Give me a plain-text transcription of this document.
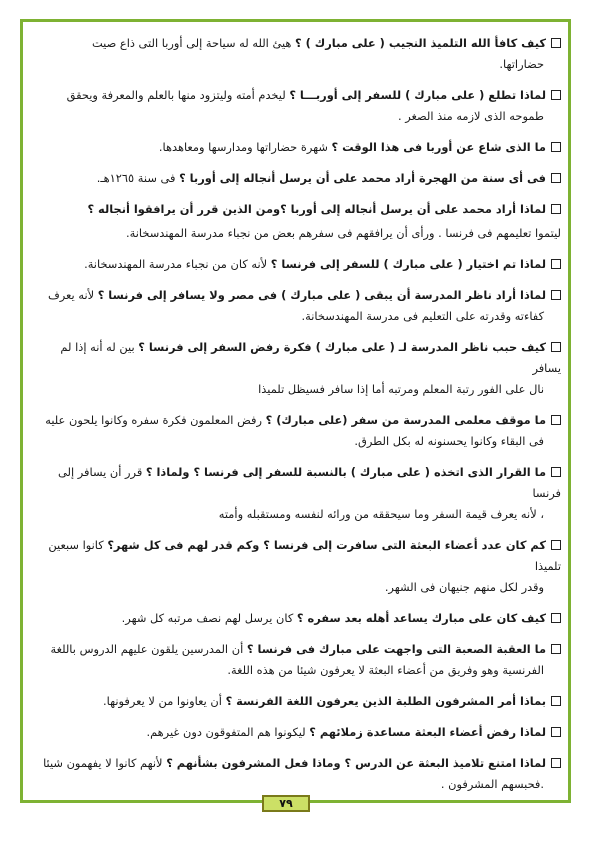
كيف كافأ الله التلميذ النجيب ( على مبارك ) ؟ هيئ الله له سياحة إلى أوربا التى ذاع صيت
حضاراتها.
لماذا تطلع ( على مبارك ) للسفر إلى أوربـــا ؟ ليخدم أمته وليتزود منها بالعلم والمعرفة ويحقق
طموحه الذى لازمه منذ الصغر .
ما الذى شاع عن أوربا فى هذا الوقت ؟ شهرة حضاراتها ومدارسها ومعاهدها.
فى أى سنة من الهجرة أراد محمد على أن يرسل أنجاله إلى أوربا ؟ فى سنة ١٢٦٥هـ.
لماذا أراد محمد على أن يرسل أنجاله إلى أوربا ؟ومن الذين قرر أن يرافقوا أنجاله ؟
ليتموا تعليمهم فى فرنسا . ورأى أن يرافقهم فى سفرهم بعض من نجباء مدرسة المهندسخانة.
لماذا تم اختيار ( على مبارك ) للسفر إلى فرنسا ؟ لأنه كان من نجباء مدرسة المهندسخانة.
لماذا أراد ناظر المدرسة أن يبقى ( على مبارك ) فى مصر ولا يسافر إلى فرنسا ؟ لأنه يعرف
كفاءته وقدرته على التعليم فى مدرسة المهندسخانة.
كيف حبب ناظر المدرسة لـ ( على مبارك ) فكرة رفض السفر إلى فرنسا ؟ بين له أنه إذا لم يسافر
نال على الفور رتبة المعلم ومرتبه أما إذا سافر فسيظل تلميذا
ما موقف معلمى المدرسة من سفر (على مبارك) ؟ رفض المعلمون فكرة سفره وكانوا يلحون عليه
فى البقاء وكانوا يحسنونه له بكل الطرق.
ما القرار الذى اتخذه ( على مبارك ) بالنسبة للسفر إلى فرنسا ؟ ولماذا ؟ قرر أن يسافر إلى فرنسا
، لأنه يعرف قيمة السفر وما سيحققه من ورائه لنفسه ومستقبله وأمته
كم كان عدد أعضاء البعثة التى سافرت إلى فرنسا ؟ وكم قدر لهم فى كل شهر؟ كانوا سبعين تلميذا
وقدر لكل منهم جنيهان فى الشهر.
كيف كان على مبارك يساعد أهله بعد سفره ؟ كان يرسل لهم نصف مرتبه كل شهر.
ما العقبة الصعبة التى واجهت على مبارك فى فرنسا ؟ أن المدرسين يلقون عليهم الدروس باللغة
الفرنسية وهو وفريق من أعضاء البعثة لا يعرفون شيئا من هذه اللغة.
بماذا أمر المشرفون الطلبة الذين يعرفون اللغة الفرنسة ؟ أن يعاونوا من لا يعرفونها.
لماذا رفض أعضاء البعثة مساعدة زملائهم ؟ ليكونوا هم المتفوقون دون غيرهم.
لماذا امتنع تلاميذ البعثة عن الدرس ؟ وماذا فعل المشرفون بشأنهم ؟ لأنهم كانوا لا يفهمون شيئا
.فحبسهم المشرفون .
٧٩
